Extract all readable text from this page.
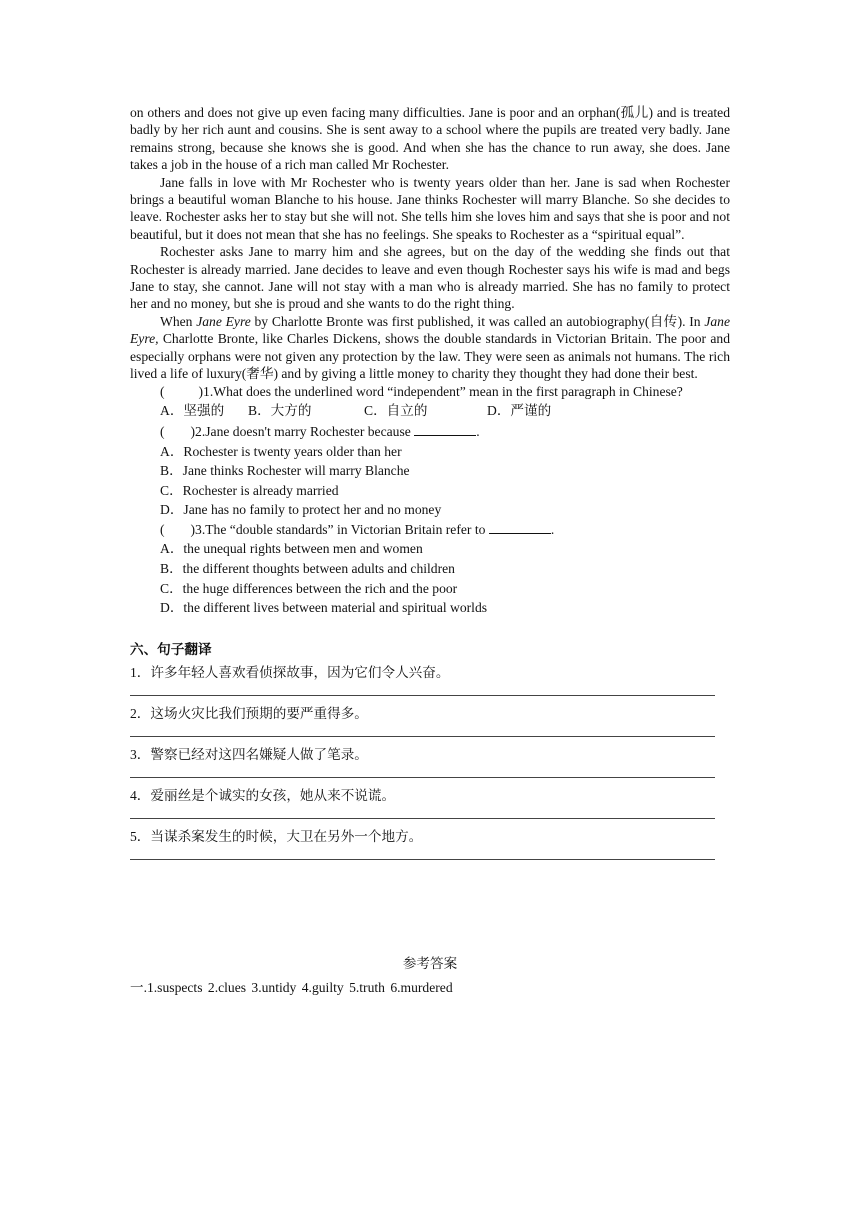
on others and does not give up even facing many difficulties. Jane is poor and an orphan(孤儿) and is treated badly by her rich aunt and cousins. She is sent away to a school where the pupils are treated very badly. Jane remains strong, because she knows she is good. And when she has the chance to run away, she does. Jane takes a job in the house of a rich man called Mr Rochester.

Jane falls in love with Mr Rochester who is twenty years older than her. Jane is sad when Rochester brings a beautiful woman Blanche to his house. Jane thinks Rochester will marry Blanche. So she decides to leave. Rochester asks her to stay but she will not. She tells him she loves him and says that she is poor and not beautiful, but it does not mean that she has no feelings. She speaks to Rochester as a “spiritual equal”.

Rochester asks Jane to marry him and she agrees, but on the day of the wedding she finds out that Rochester is already married. Jane decides to leave and even though Rochester says his wife is mad and begs Jane to stay, she cannot. Jane will not stay with a man who is already married. She has no family to protect her and no money, but she is proud and she wants to do the right thing.

When Jane Eyre by Charlotte Bronte was first published, it was called an autobiography(自传). In Jane Eyre, Charlotte Bronte, like Charles Dickens, shows the double standards in Victorian Britain. The poor and especially orphans were not given any protection by the law. They were seen as animals not humans. The rich lived a life of luxury(奢华) and by giving a little money to charity they thought they had done their best.

(	)1.What does the underlined word “independent” mean in the first paragraph in Chinese?

A．坚强的	B．大方的	C．自立的	D．严谨的

( )2.Jane doesn't marry Rochester because	.

A．Rochester is twenty years older than her

B．Jane thinks Rochester will marry Blanche

C．Rochester is already married

D．Jane has no family to protect her and no money

( )3.The “double standards” in Victorian Britain refer to	.

A．the unequal rights between men and women

B．the different thoughts between adults and children

C．the huge differences between the rich and the poor

D．the different lives between material and spiritual worlds

六、句子翻译
1．许多年轻人喜欢看侦探故事，因为它们令人兴奋。
2．这场火灾比我们预期的要严重得多。
3．警察已经对这四名嫌疑人做了笔录。
4．爱丽丝是个诚实的女孩，她从来不说谎。
5．当谋杀案发生的时候，大卫在另外一个地方。
参考答案
一.1.suspects 2.clues 3.untidy 4.guilty 5.truth 6.murdered
